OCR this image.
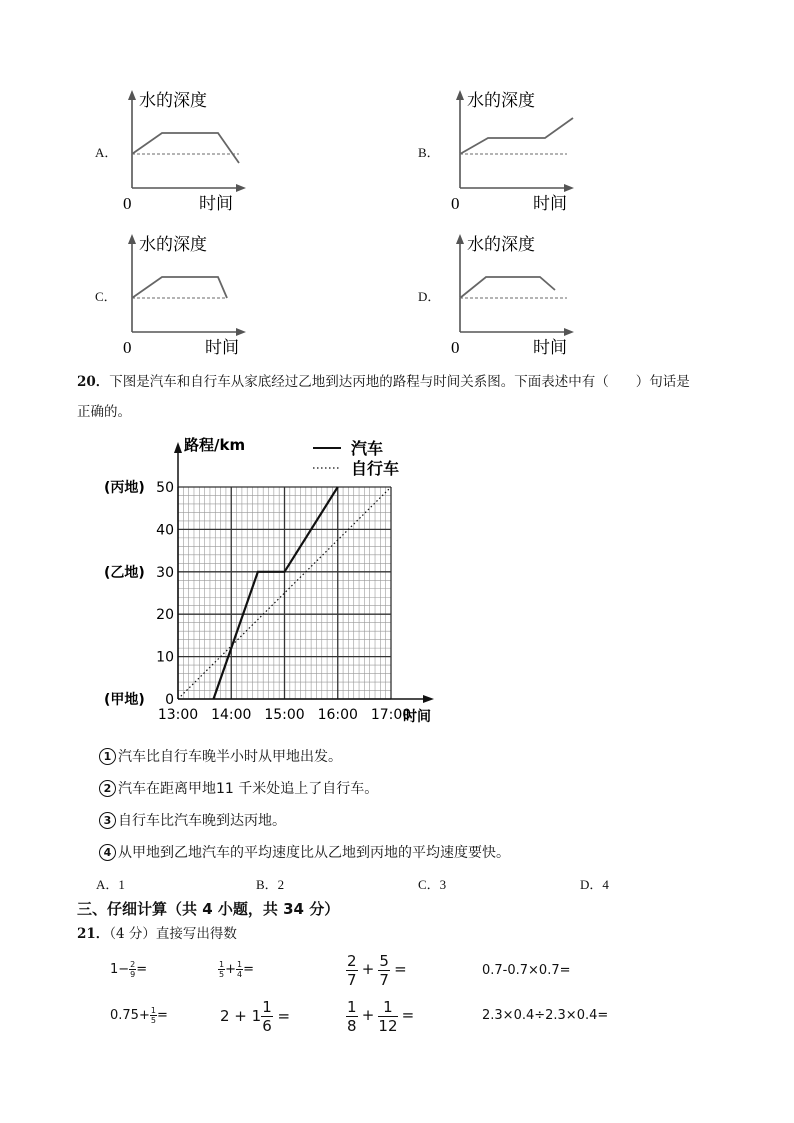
A．	B．
C．	D．
水的深度
0	时间
水的深度
0	时间
水的深度
0	时间
水的深度
0	时间
20．下图是汽车和自行车从家底经过乙地到达丙地的路程与时间关系图。下面表述中有（　　）句话是
正确的。
0
10
20
30
40
50
13:00 14:00 15:00 16:00 17:00
(甲地)
(乙地)
(丙地)
汽车
自行车
路程/km
时间
1 汽车比自行车晚半小时从甲地出发。
2 汽车在距离甲地11 千米处追上了自行车。
3 自行车比汽车晚到达丙地。
4 从甲地到乙地汽车的平均速度比从乙地到丙地的平均速度要快。
A．1	B．2	C．3	D．4
三、仔细计算（共 4 小题，共 34 分）
21．（4 分）直接写出得数
$1- \frac{2}{9}$ =	$\frac{1}{5} + \frac{1}{4}$ =	$\frac{2}{7} + \frac{5}{7}$ =	0.7-0.7×0.7=
$0.75+ \frac{1}{5}$ =	$2 + 1 \frac{1}{6}$ =	$\frac{1}{8} + \frac{1}{12}$ =	2.3×0.4÷2.3×0.4=
